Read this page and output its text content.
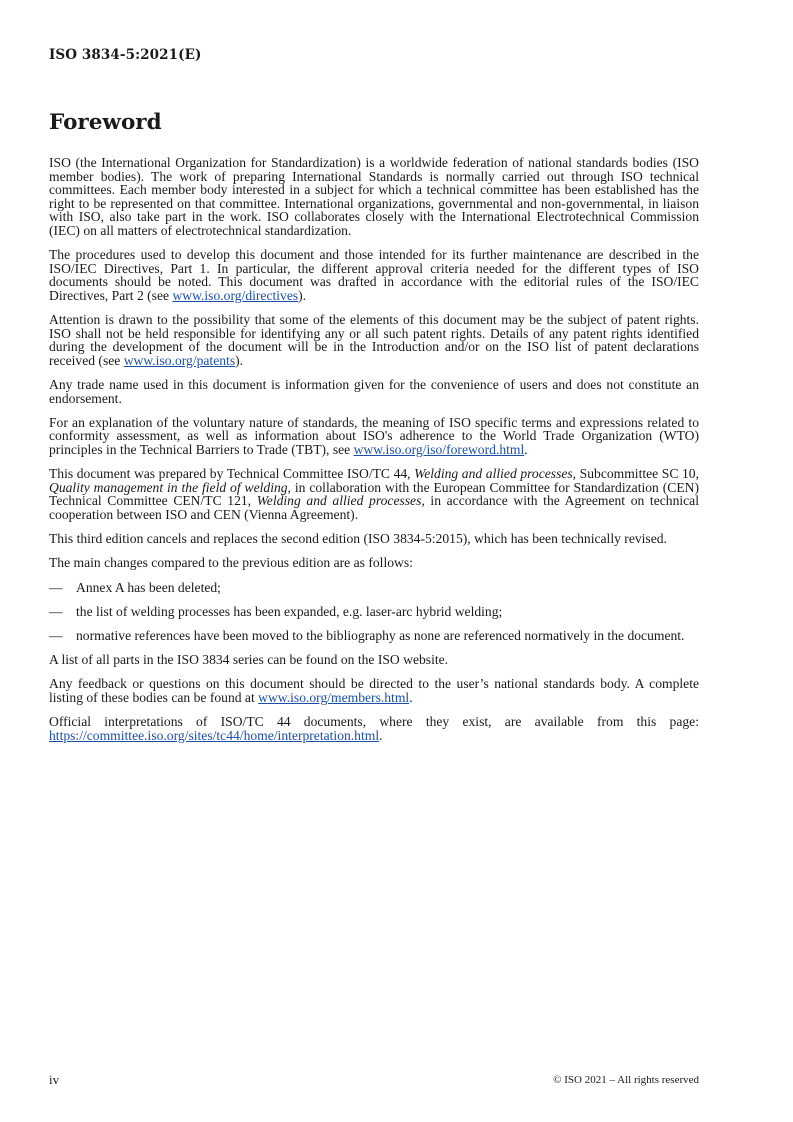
ISO 3834-5:2021(E)
Foreword

ISO (the International Organization for Standardization) is a worldwide federation of national standards bodies (ISO member bodies). The work of preparing International Standards is normally carried out through ISO technical committees. Each member body interested in a subject for which a technical committee has been established has the right to be represented on that committee. International organizations, governmental and non-governmental, in liaison with ISO, also take part in the work. ISO collaborates closely with the International Electrotechnical Commission (IEC) on all matters of electrotechnical standardization.

The procedures used to develop this document and those intended for its further maintenance are described in the ISO/IEC Directives, Part 1. In particular, the different approval criteria needed for the different types of ISO documents should be noted. This document was drafted in accordance with the editorial rules of the ISO/IEC Directives, Part 2 (see www.iso.org/directives).

Attention is drawn to the possibility that some of the elements of this document may be the subject of patent rights. ISO shall not be held responsible for identifying any or all such patent rights. Details of any patent rights identified during the development of the document will be in the Introduction and/or on the ISO list of patent declarations received (see www.iso.org/patents).

Any trade name used in this document is information given for the convenience of users and does not constitute an endorsement.

For an explanation of the voluntary nature of standards, the meaning of ISO specific terms and expressions related to conformity assessment, as well as information about ISO's adherence to the World Trade Organization (WTO) principles in the Technical Barriers to Trade (TBT), see www.iso.org/iso/foreword.html.

This document was prepared by Technical Committee ISO/TC 44, Welding and allied processes, Subcommittee SC 10, Quality management in the field of welding, in collaboration with the European Committee for Standardization (CEN) Technical Committee CEN/TC 121, Welding and allied processes, in accordance with the Agreement on technical cooperation between ISO and CEN (Vienna Agreement).

This third edition cancels and replaces the second edition (ISO 3834-5:2015), which has been technically revised.

The main changes compared to the previous edition are as follows:

— Annex A has been deleted;
— the list of welding processes has been expanded, e.g. laser-arc hybrid welding;
— normative references have been moved to the bibliography as none are referenced normatively in the document.

A list of all parts in the ISO 3834 series can be found on the ISO website.

Any feedback or questions on this document should be directed to the user’s national standards body. A complete listing of these bodies can be found at www.iso.org/members.html.

Official interpretations of ISO/TC 44 documents, where they exist, are available from this page: https://committee.iso.org/sites/tc44/home/interpretation.html.

iv	© ISO 2021 – All rights reserved
